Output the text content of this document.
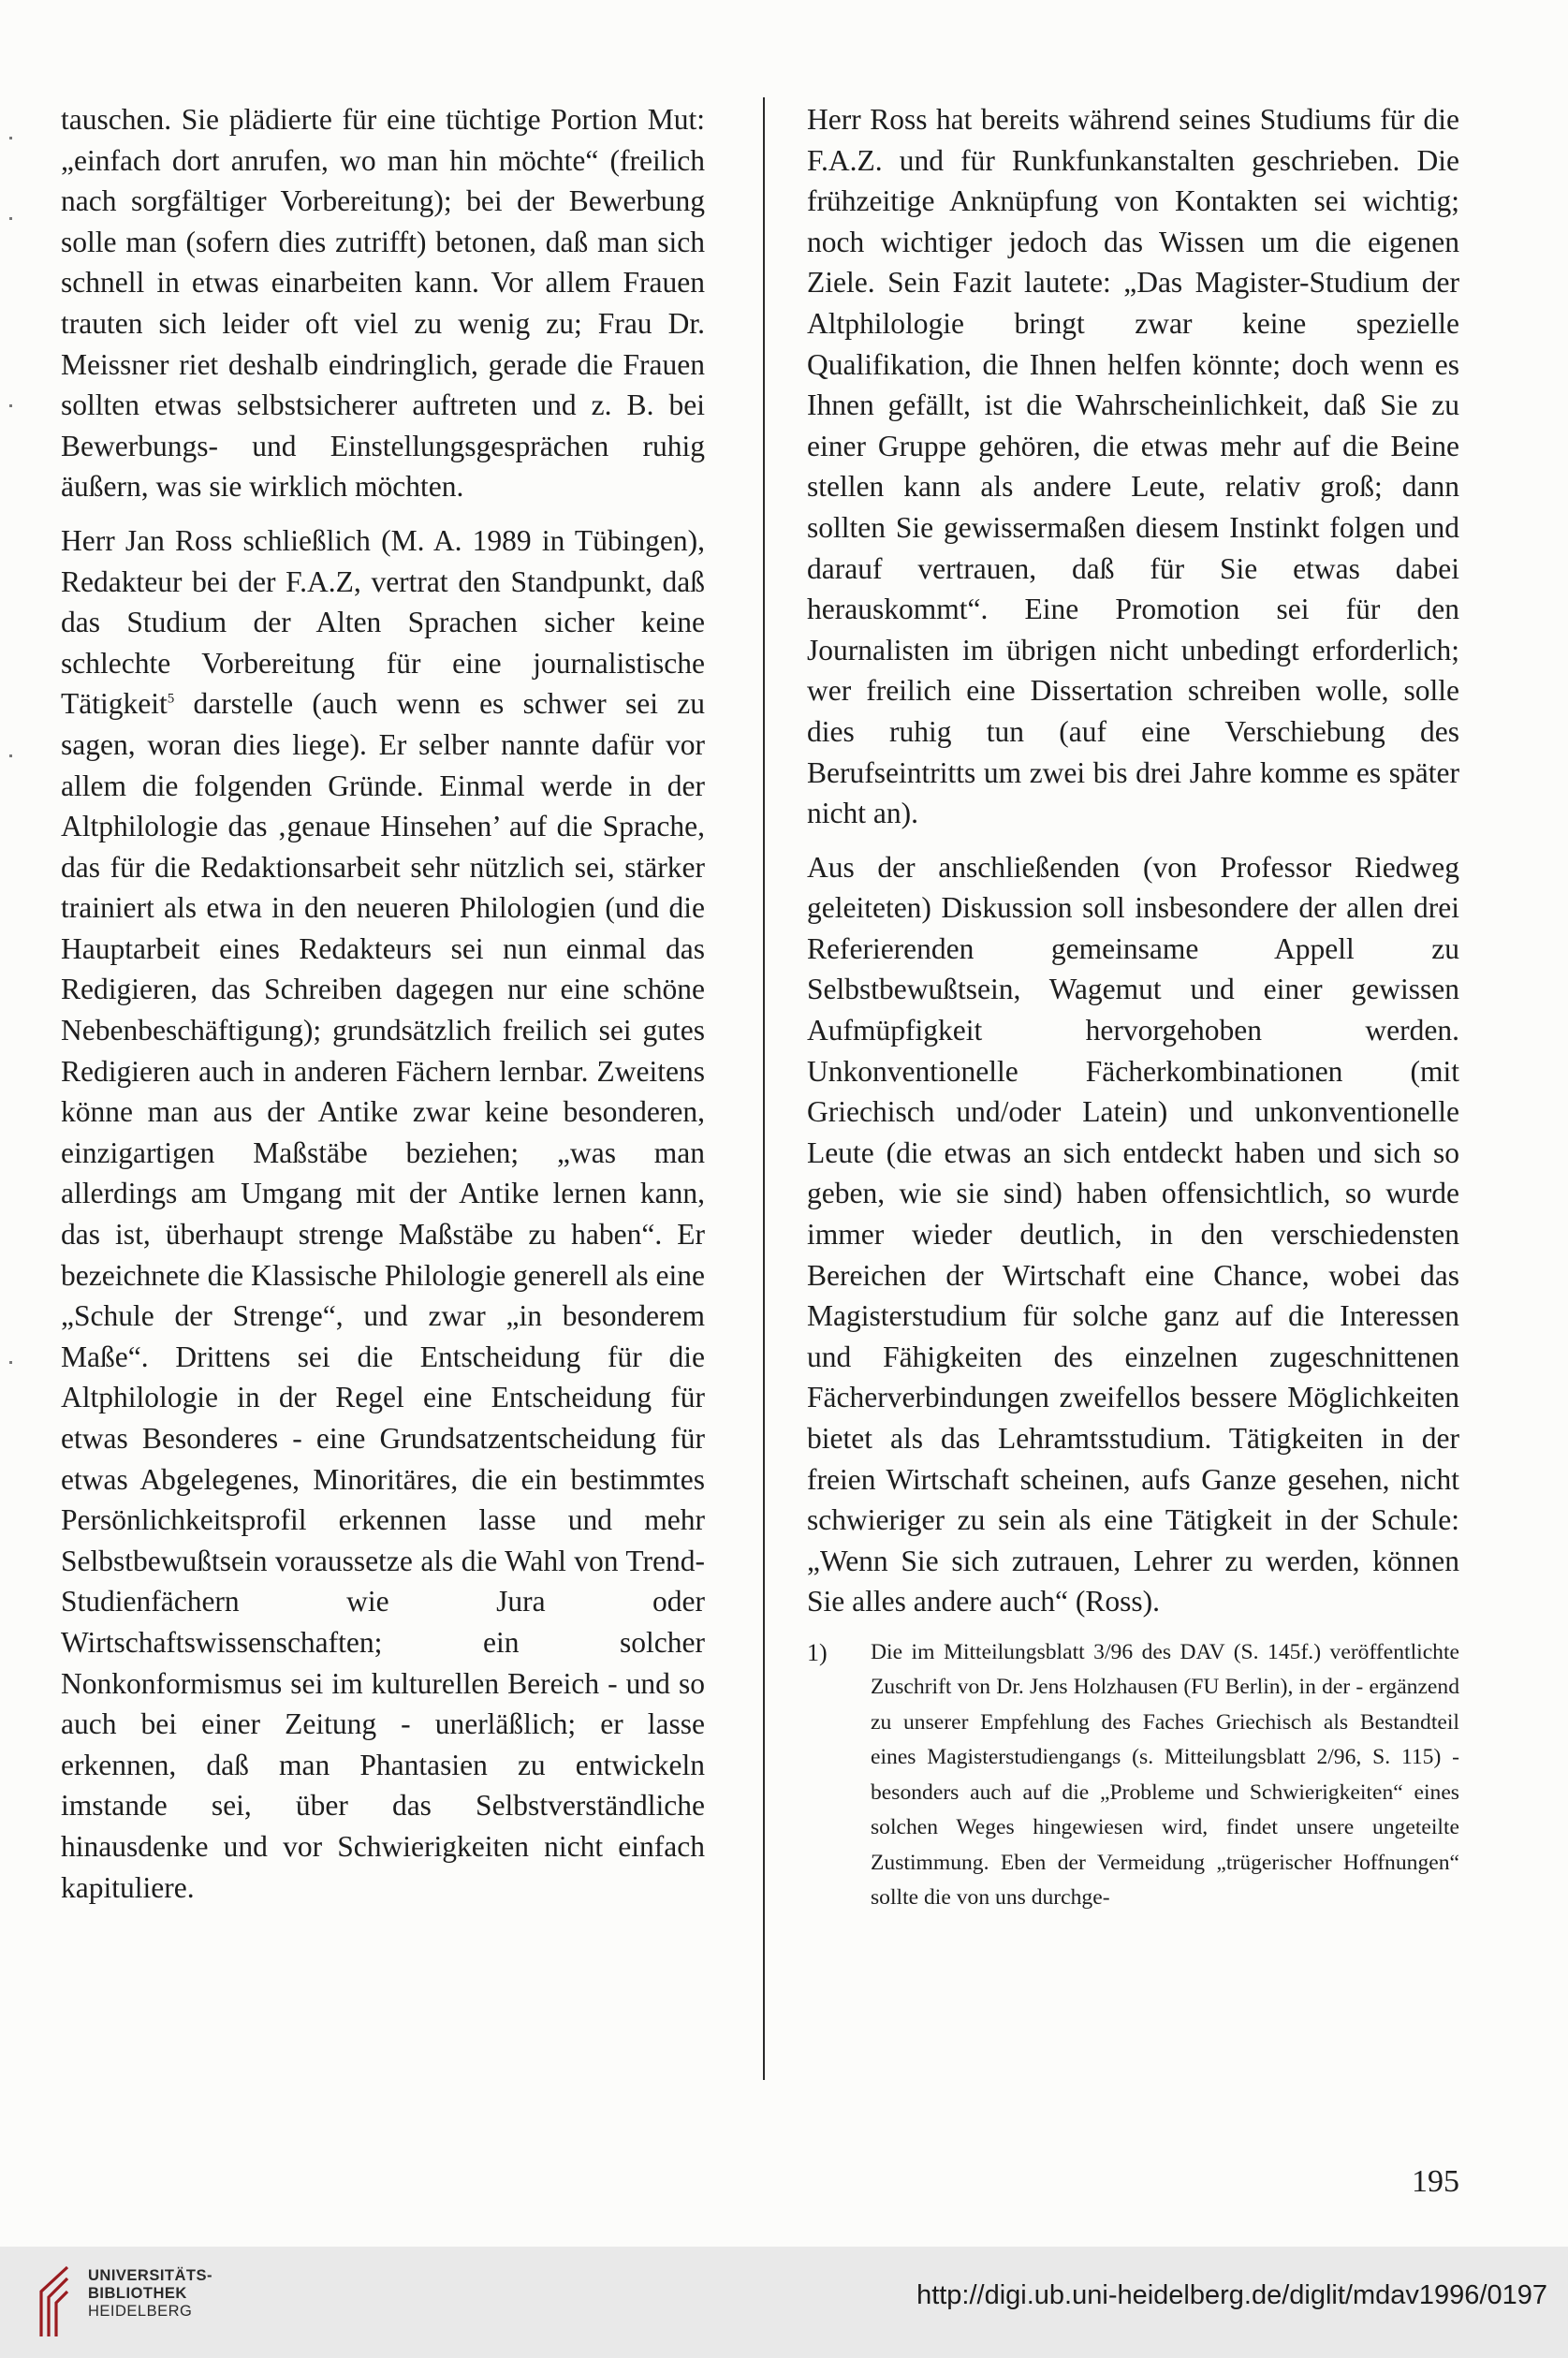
tauschen. Sie plädierte für eine tüchtige Portion Mut: „einfach dort anrufen, wo man hin möchte“ (freilich nach sorgfältiger Vorbereitung); bei der Bewerbung solle man (sofern dies zutrifft) betonen, daß man sich schnell in etwas einarbeiten kann. Vor allem Frauen trauten sich leider oft viel zu wenig zu; Frau Dr. Meissner riet deshalb eindringlich, gerade die Frauen sollten etwas selbstsicherer auftreten und z. B. bei Bewerbungs- und Einstellungsgesprächen ruhig äußern, was sie wirklich möchten.

Herr Jan Ross schließlich (M. A. 1989 in Tübingen), Redakteur bei der F.A.Z, vertrat den Standpunkt, daß das Studium der Alten Sprachen sicher keine schlechte Vorbereitung für eine journalistische Tätigkeit$^5$ darstelle (auch wenn es schwer sei zu sagen, woran dies liege). Er selber nannte dafür vor allem die folgenden Gründe. Einmal werde in der Altphilologie das ‚genaue Hinsehen’ auf die Sprache, das für die Redaktionsarbeit sehr nützlich sei, stärker trainiert als etwa in den neueren Philologien (und die Hauptarbeit eines Redakteurs sei nun einmal das Redigieren, das Schreiben dagegen nur eine schöne Nebenbeschäftigung); grundsätzlich freilich sei gutes Redigieren auch in anderen Fächern lernbar. Zweitens könne man aus der Antike zwar keine besonderen, einzigartigen Maßstäbe beziehen; „was man allerdings am Umgang mit der Antike lernen kann, das ist, überhaupt strenge Maßstäbe zu haben“. Er bezeichnete die Klassische Philologie generell als eine „Schule der Strenge“, und zwar „in besonderem Maße“. Drittens sei die Entscheidung für die Altphilologie in der Regel eine Entscheidung für etwas Besonderes - eine Grundsatzentscheidung für etwas Abgelegenes, Minoritäres, die ein bestimmtes Persönlichkeitsprofil erkennen lasse und mehr Selbstbewußtsein voraussetze als die Wahl von Trend-Studienfächern wie Jura oder Wirtschaftswissenschaften; ein solcher Nonkonformismus sei im kulturellen Bereich - und so auch bei einer Zeitung - unerläßlich; er lasse erkennen, daß man Phantasien zu entwickeln imstande sei, über das Selbstverständliche hinausdenke und vor Schwierigkeiten nicht einfach kapituliere.

Herr Ross hat bereits während seines Studiums für die F.A.Z. und für Runkfunkanstalten geschrieben. Die frühzeitige Anknüpfung von Kontakten sei wichtig; noch wichtiger jedoch das Wissen um die eigenen Ziele. Sein Fazit lautete: „Das Magister-Studium der Altphilologie bringt zwar keine spezielle Qualifikation, die Ihnen helfen könnte; doch wenn es Ihnen gefällt, ist die Wahrscheinlichkeit, daß Sie zu einer Gruppe gehören, die etwas mehr auf die Beine stellen kann als andere Leute, relativ groß; dann sollten Sie gewissermaßen diesem Instinkt folgen und darauf vertrauen, daß für Sie etwas dabei herauskommt“. Eine Promotion sei für den Journalisten im übrigen nicht unbedingt erforderlich; wer freilich eine Dissertation schreiben wolle, solle dies ruhig tun (auf eine Verschiebung des Berufseintritts um zwei bis drei Jahre komme es später nicht an).

Aus der anschließenden (von Professor Riedweg geleiteten) Diskussion soll insbesondere der allen drei Referierenden gemeinsame Appell zu Selbstbewußtsein, Wagemut und einer gewissen Aufmüpfigkeit hervorgehoben werden. Unkonventionelle Fächerkombinationen (mit Griechisch und/oder Latein) und unkonventionelle Leute (die etwas an sich entdeckt haben und sich so geben, wie sie sind) haben offensichtlich, so wurde immer wieder deutlich, in den verschiedensten Bereichen der Wirtschaft eine Chance, wobei das Magisterstudium für solche ganz auf die Interessen und Fähigkeiten des einzelnen zugeschnittenen Fächerverbindungen zweifellos bessere Möglichkeiten bietet als das Lehramtsstudium. Tätigkeiten in der freien Wirtschaft scheinen, aufs Ganze gesehen, nicht schwieriger zu sein als eine Tätigkeit in der Schule: „Wenn Sie sich zutrauen, Lehrer zu werden, können Sie alles andere auch“ (Ross).

1)	Die im Mitteilungsblatt 3/96 des DAV (S. 145f.) veröffentlichte Zuschrift von Dr. Jens Holzhausen (FU Berlin), in der - ergänzend zu unserer Empfehlung des Faches Griechisch als Bestandteil eines Magisterstudiengangs (s. Mitteilungsblatt 2/96, S. 115) - besonders auch auf die „Probleme und Schwierigkeiten“ eines solchen Weges hingewiesen wird, findet unsere ungeteilte Zustimmung. Eben der Vermeidung „trügerischer Hoffnungen“ sollte die von uns durchge-
195
UNIVERSITÄTS-
BIBLIOTHEK
HEIDELBERG
http://digi.ub.uni-heidelberg.de/diglit/mdav1996/0197
